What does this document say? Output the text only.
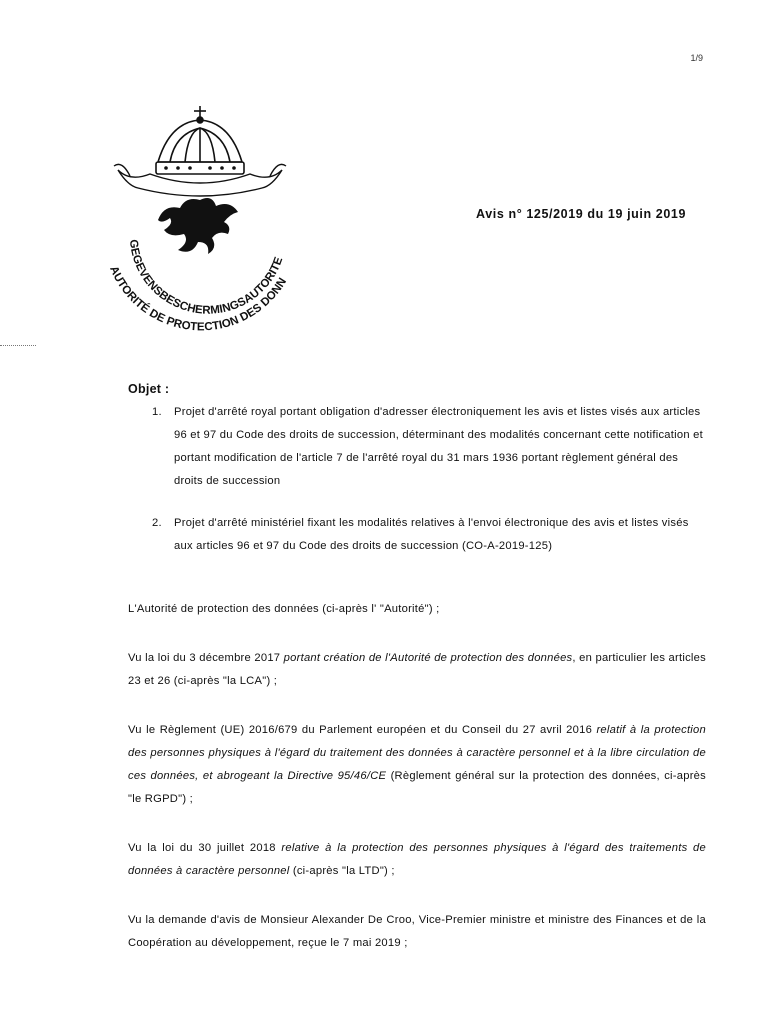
1/9
GEGEVENSBESCHERMINGSAUTORITE
AUTORITÉ DE PROTECTION DES DONN
Avis n° 125/2019 du 19 juin 2019
Objet :
1. Projet d'arrêté royal portant obligation d'adresser électroniquement les avis et listes visés aux articles 96 et 97 du Code des droits de succession, déterminant des modalités concernant cette notification et portant modification de l'article 7 de l'arrêté royal du 31 mars 1936 portant règlement général des droits de succession
2. Projet d'arrêté ministériel fixant les modalités relatives à l'envoi électronique des avis et listes visés aux articles 96 et 97 du Code des droits de succession (CO-A-2019-125)

L'Autorité de protection des données (ci-après l' "Autorité") ;

Vu la loi du 3 décembre 2017 portant création de l'Autorité de protection des données, en particulier les articles 23 et 26 (ci-après "la LCA") ;

Vu le Règlement (UE) 2016/679 du Parlement européen et du Conseil du 27 avril 2016 relatif à la protection des personnes physiques à l'égard du traitement des données à caractère personnel et à la libre circulation de ces données, et abrogeant la Directive 95/46/CE (Règlement général sur la protection des données, ci-après "le RGPD") ;

Vu la loi du 30 juillet 2018 relative à la protection des personnes physiques à l'égard des traitements de données à caractère personnel (ci-après "la LTD") ;

Vu la demande d'avis de Monsieur Alexander De Croo, Vice-Premier ministre et ministre des Finances et de la Coopération au développement, reçue le 7 mai 2019 ;
